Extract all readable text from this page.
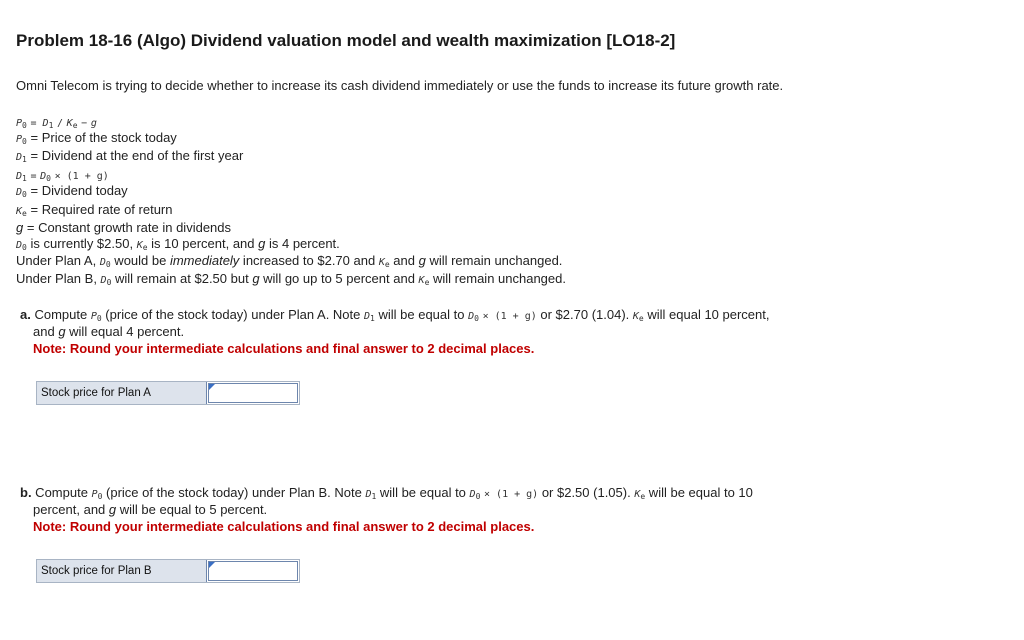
Problem 18-16 (Algo) Dividend valuation model and wealth maximization [LO18-2]
Omni Telecom is trying to decide whether to increase its cash dividend immediately or use the funds to increase its future growth rate.
$P_0 = D_1 / K_e - g$
$P_0$ = Price of the stock today
$D_1$ = Dividend at the end of the first year
$D_1 = D_0 \times (1 + g)$
$D_0$ = Dividend today
$K_e$ = Required rate of return
g = Constant growth rate in dividends
$D_0$ is currently $2.50, $K_e$ is 10 percent, and g is 4 percent.
Under Plan A, $D_0$ would be immediately increased to $2.70 and $K_e$ and g will remain unchanged.
Under Plan B, $D_0$ will remain at $2.50 but g will go up to 5 percent and $K_e$ will remain unchanged.
a. Compute $P_0$ (price of the stock today) under Plan A. Note $D_1$ will be equal to $D_0 \times (1 + g)$ or $2.70 (1.04). $K_e$ will equal 10 percent,
and g will equal 4 percent.
Note: Round your intermediate calculations and final answer to 2 decimal places.
Stock price for Plan A
b. Compute $P_0$ (price of the stock today) under Plan B. Note $D_1$ will be equal to $D_0 \times (1 + g)$ or $2.50 (1.05). $K_e$ will be equal to 10
percent, and g will be equal to 5 percent.
Note: Round your intermediate calculations and final answer to 2 decimal places.
Stock price for Plan B
